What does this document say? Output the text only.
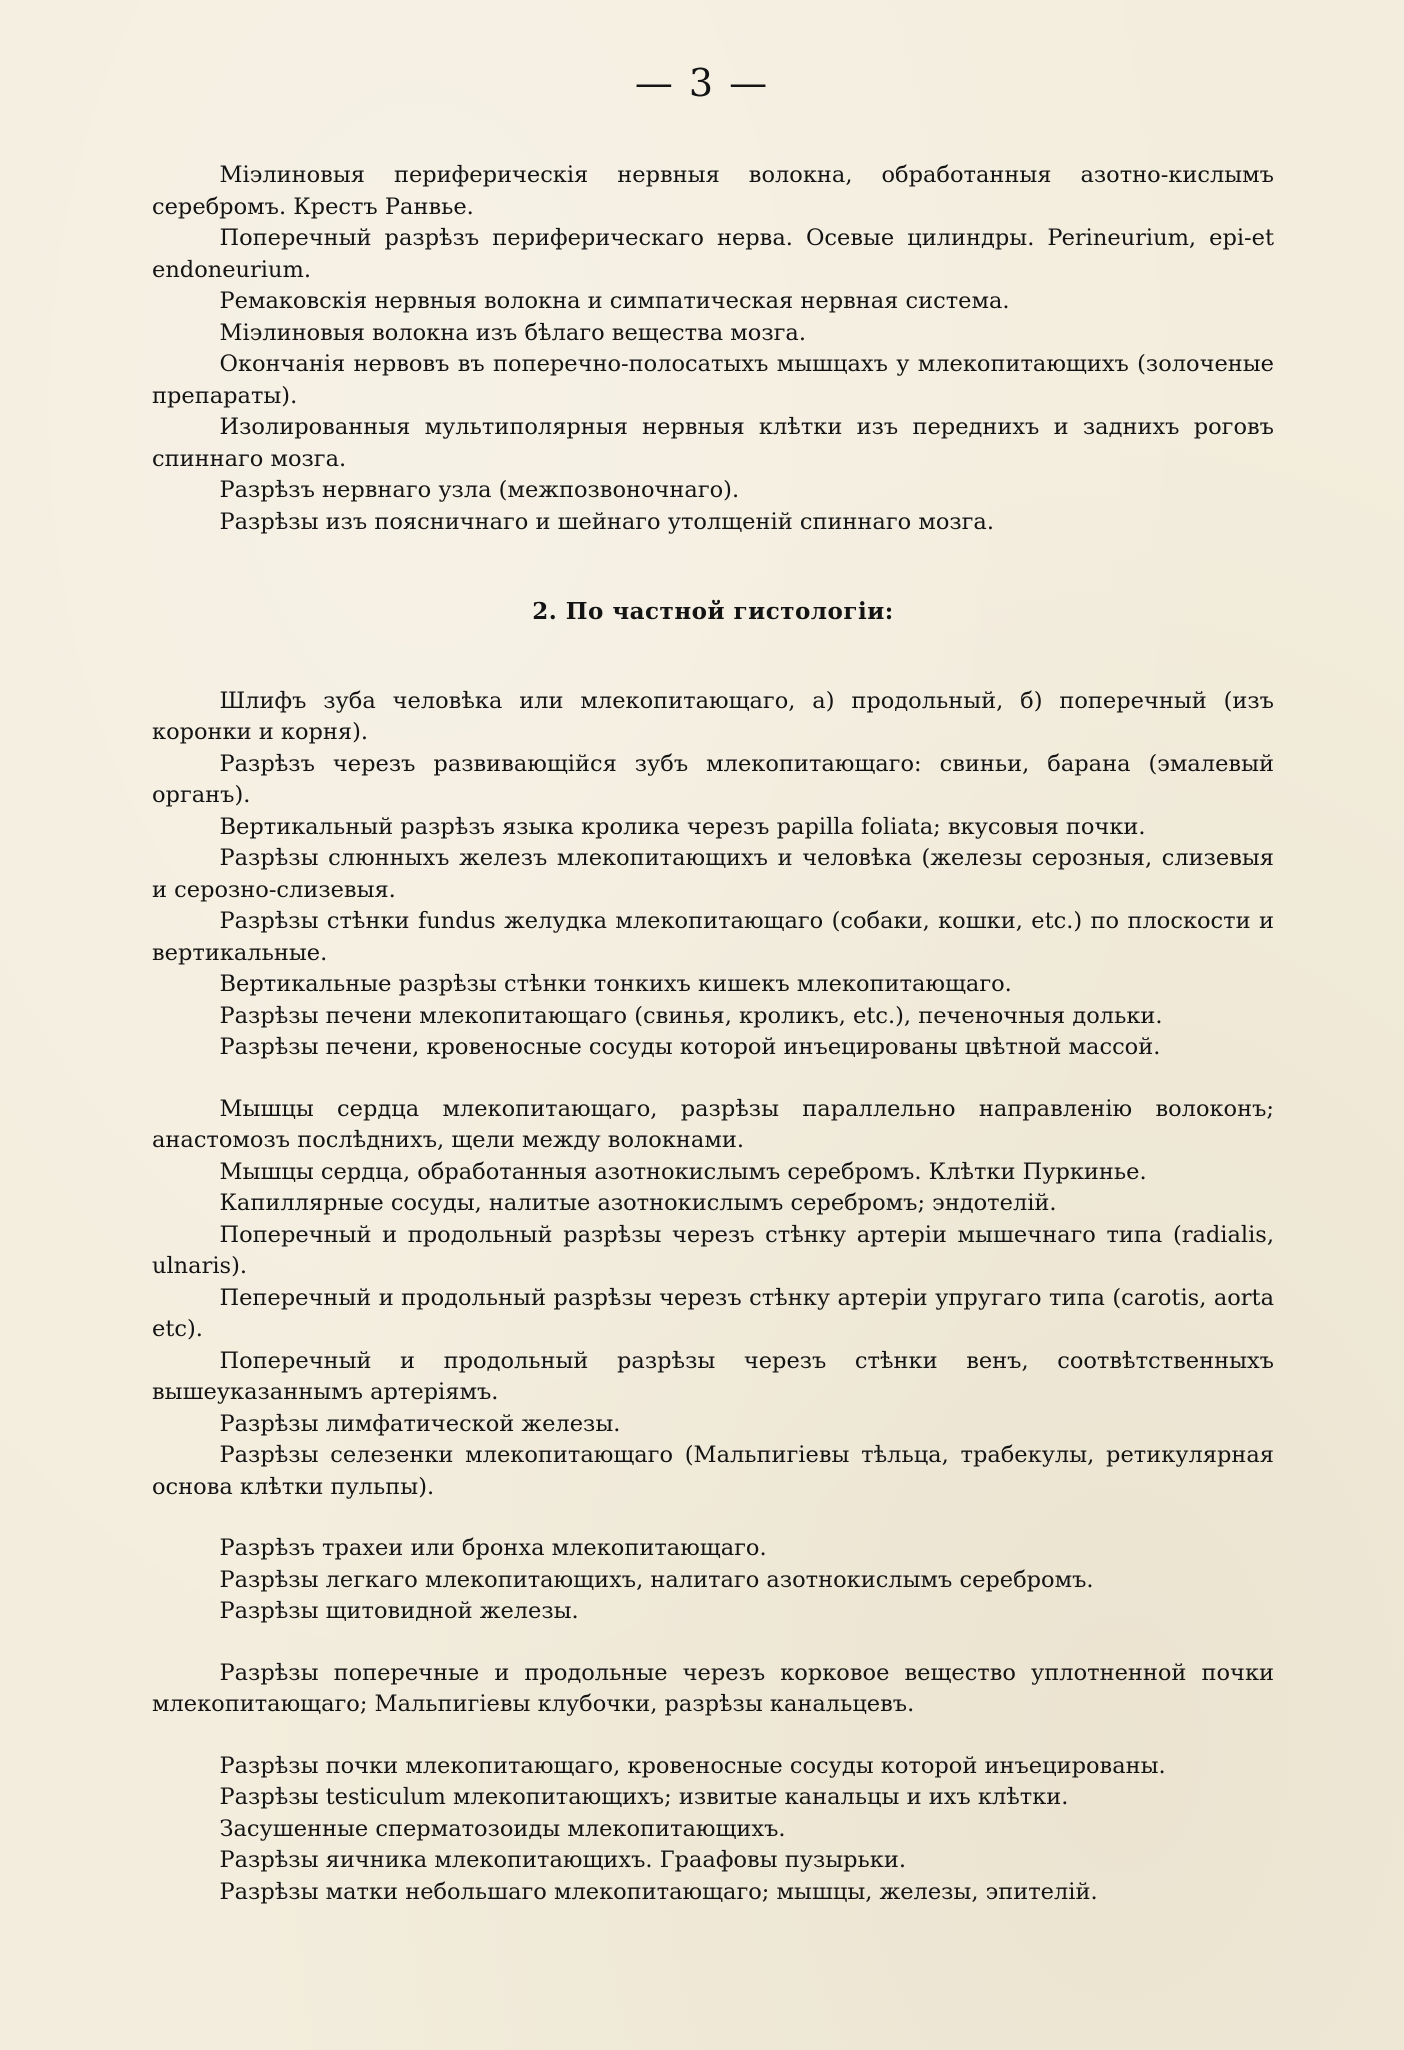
— 3 —

Міэлиновыя периферическія нервныя волокна, обработанныя азотно-кислымъ серебромъ. Крестъ Ранвье.

Поперечный разрѣзъ периферическаго нерва. Осевые цилиндры. Perineurium, epi-et endoneurium.

Ремаковскія нервныя волокна и симпатическая нервная система.

Міэлиновыя волокна изъ бѣлаго вещества мозга.

Окончанія нервовъ въ поперечно-полосатыхъ мышцахъ у млекопитающихъ (золоченые препараты).

Изолированныя мультиполярныя нервныя клѣтки изъ переднихъ и заднихъ роговъ спиннаго мозга.

Разрѣзъ нервнаго узла (межпозвоночнаго).

Разрѣзы изъ поясничнаго и шейнаго утолщеній спиннаго мозга.

2. По частной гистологіи:

Шлифъ зуба человѣка или млекопитающаго, а) продольный, б) поперечный (изъ коронки и корня).

Разрѣзъ черезъ развивающійся зубъ млекопитающаго: свиньи, барана (эмалевый органъ).

Вертикальный разрѣзъ языка кролика черезъ papilla foliata; вкусовыя почки.

Разрѣзы слюнныхъ железъ млекопитающихъ и человѣка (железы серозныя, слизевыя и серозно-слизевыя.

Разрѣзы стѣнки fundus желудка млекопитающаго (собаки, кошки, etc.) по плоскости и вертикальные.

Вертикальные разрѣзы стѣнки тонкихъ кишекъ млекопитающаго.

Разрѣзы печени млекопитающаго (свинья, кроликъ, etc.), печеночныя дольки.

Разрѣзы печени, кровеносные сосуды которой инъецированы цвѣтной массой.

Мышцы сердца млекопитающаго, разрѣзы параллельно направленію волоконъ; анастомозъ послѣднихъ, щели между волокнами.

Мышцы сердца, обработанныя азотнокислымъ серебромъ. Клѣтки Пуркинье.

Капиллярные сосуды, налитые азотнокислымъ серебромъ; эндотелій.

Поперечный и продольный разрѣзы черезъ стѣнку артеріи мышечнаго типа (radialis, ulnaris).

Пеперечный и продольный разрѣзы черезъ стѣнку артеріи упругаго типа (carotis, aorta etc).

Поперечный и продольный разрѣзы черезъ стѣнки венъ, соотвѣтственныхъ вышеуказаннымъ артеріямъ.

Разрѣзы лимфатической железы.

Разрѣзы селезенки млекопитающаго (Мальпигіевы тѣльца, трабекулы, ретикулярная основа клѣтки пульпы).

Разрѣзъ трахеи или бронха млекопитающаго.

Разрѣзы легкаго млекопитающихъ, налитаго азотнокислымъ серебромъ.

Разрѣзы щитовидной железы.

Разрѣзы поперечные и продольные черезъ корковое вещество уплотненной почки млекопитающаго; Мальпигіевы клубочки, разрѣзы канальцевъ.

Разрѣзы почки млекопитающаго, кровеносные сосуды которой инъецированы.

Разрѣзы testiculum млекопитающихъ; извитые канальцы и ихъ клѣтки.

Засушенные сперматозоиды млекопитающихъ.

Разрѣзы яичника млекопитающихъ. Граафовы пузырьки.

Разрѣзы матки небольшаго млекопитающаго; мышцы, железы, эпителій.
